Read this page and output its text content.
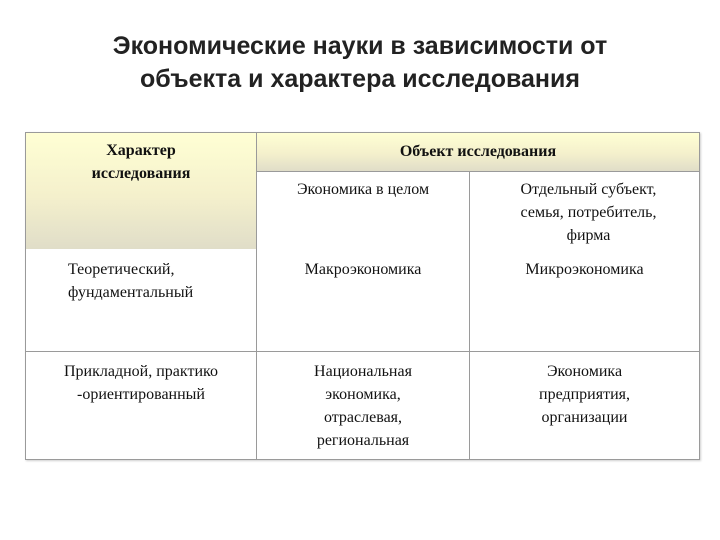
Экономические науки в зависимости от
объекта и характера исследования
Характер
исследования
Объект исследования
Экономика в целом	Отдельный субъект,
семья, потребитель,
фирма
Теоретический,
фундаментальный
Макроэкономика	Микроэкономика
Прикладной, практико
-ориентированный
Национальная
экономика,
отраслевая,
региональная
Экономика
предприятия,
организации
